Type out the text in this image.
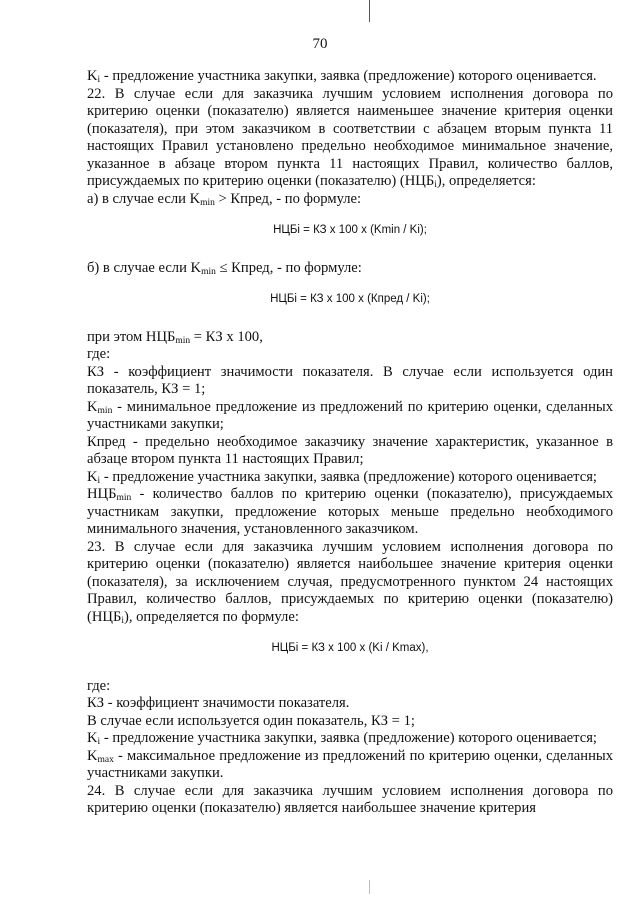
70

$K_i$ - предложение участника закупки, заявка (предложение) которого оценивается.

22. В случае если для заказчика лучшим условием исполнения договора по критерию оценки (показателю) является наименьшее значение критерия оценки (показателя), при этом заказчиком в соответствии с абзацем вторым пункта 11 настоящих Правил установлено предельно необходимое минимальное значение, указанное в абзаце втором пункта 11 настоящих Правил, количество баллов, присуждаемых по критерию оценки (показателю) $(НЦБ_i)$, определяется:

а) в случае если $K_{min}$ > Кпред, - по формуле:

НЦБi = КЗ x 100 x (Kmin / Ki);

б) в случае если $K_{min}$ ≤ Кпред, - по формуле:

НЦБi = КЗ x 100 x (Кпред / Ki);

при этом $НЦБ_{min}$ = КЗ x 100,

где:

КЗ - коэффициент значимости показателя. В случае если используется один показатель, КЗ = 1;

$K_{min}$ - минимальное предложение из предложений по критерию оценки, сделанных участниками закупки;

Кпред - предельно необходимое заказчику значение характеристик, указанное в абзаце втором пункта 11 настоящих Правил;

$K_i$ - предложение участника закупки, заявка (предложение) которого оценивается;

$НЦБ_{min}$ - количество баллов по критерию оценки (показателю), присуждаемых участникам закупки, предложение которых меньше предельно необходимого минимального значения, установленного заказчиком.

23. В случае если для заказчика лучшим условием исполнения договора по критерию оценки (показателю) является наибольшее значение критерия оценки (показателя), за исключением случая, предусмотренного пунктом 24 настоящих Правил, количество баллов, присуждаемых по критерию оценки (показателю) $(НЦБ_i)$, определяется по формуле:

НЦБi = КЗ x 100 x (Ki / Kmax),

где:

КЗ - коэффициент значимости показателя.

В случае если используется один показатель, КЗ = 1;

$K_i$ - предложение участника закупки, заявка (предложение) которого оценивается;

$K_{max}$ - максимальное предложение из предложений по критерию оценки, сделанных участниками закупки.

24. В случае если для заказчика лучшим условием исполнения договора по критерию оценки (показателю) является наибольшее значение критерия
